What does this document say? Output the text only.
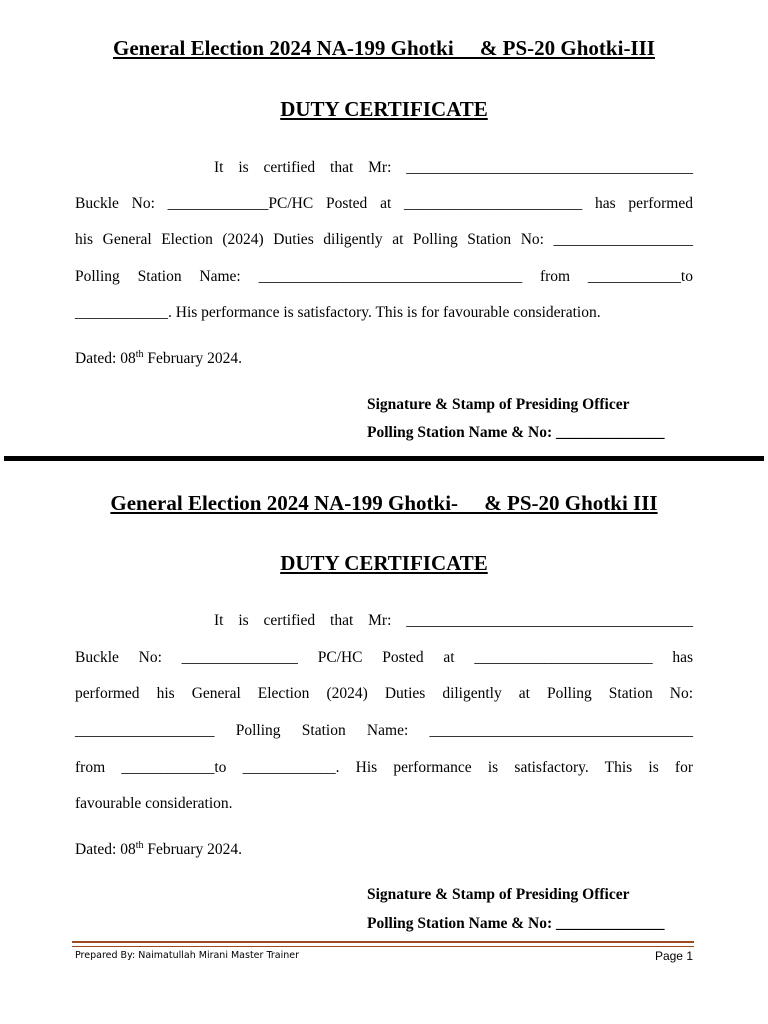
General Election 2024 NA-199 Ghotki     & PS-20 Ghotki-III
DUTY CERTIFICATE
It is certified that Mr: _____________________________________
Buckle No: _____________PC/HC Posted at _______________________ has performed
his General Election (2024) Duties diligently at Polling Station No: __________________
Polling Station Name: __________________________________ from ____________to
____________. His performance is satisfactory. This is for favourable consideration.
Dated: 08th February 2024.
Signature & Stamp of Presiding Officer
Polling Station Name & No: ______________
General Election 2024 NA-199 Ghotki-     & PS-20 Ghotki III
DUTY CERTIFICATE
It is certified that Mr: _____________________________________
Buckle No: _______________ PC/HC Posted at _______________________ has
performed his General Election (2024) Duties diligently at Polling Station No:
__________________ Polling Station Name: __________________________________
from ____________to ____________. His performance is satisfactory. This is for
favourable consideration.
Dated: 08th February 2024.
Signature & Stamp of Presiding Officer
Polling Station Name & No: ______________
Prepared By: Naimatullah Mirani Master Trainer	Page 1
